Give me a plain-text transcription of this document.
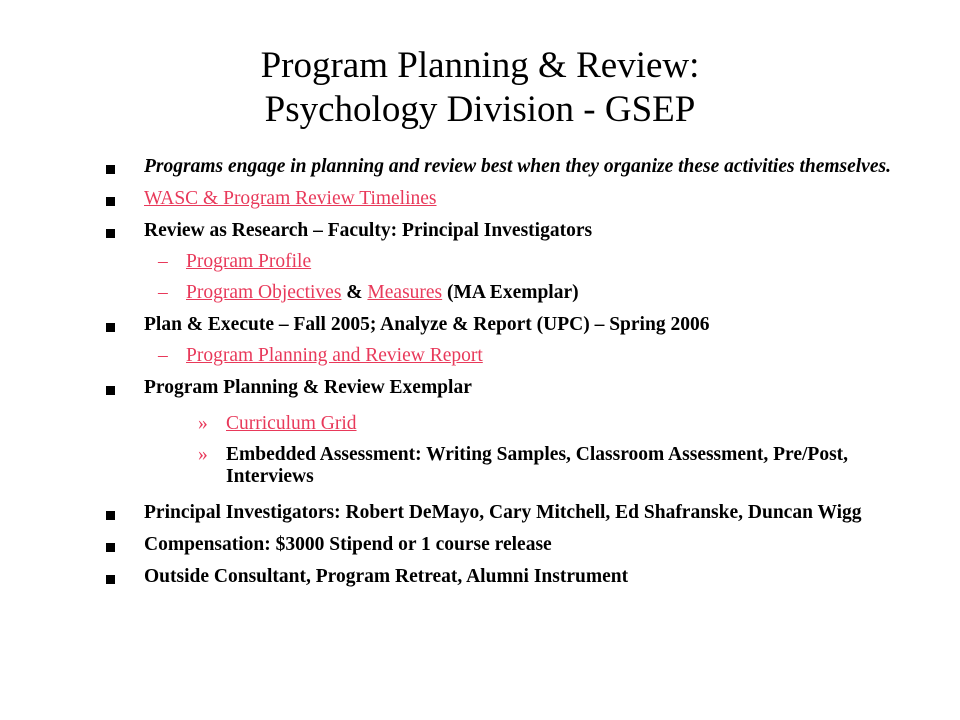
Program Planning & Review:
Psychology Division - GSEP
Programs engage in planning and review best when they organize these activities themselves.
WASC & Program Review Timelines
Review as Research – Faculty: Principal Investigators
– Program Profile
– Program Objectives & Measures (MA Exemplar)
Plan & Execute – Fall 2005; Analyze & Report (UPC) – Spring 2006
– Program Planning and Review Report
Program Planning & Review Exemplar
» Curriculum Grid
» Embedded Assessment: Writing Samples, Classroom Assessment, Pre/Post, Interviews
Principal Investigators: Robert DeMayo, Cary Mitchell, Ed Shafranske, Duncan Wigg
Compensation: $3000 Stipend or 1 course release
Outside Consultant, Program Retreat, Alumni Instrument
